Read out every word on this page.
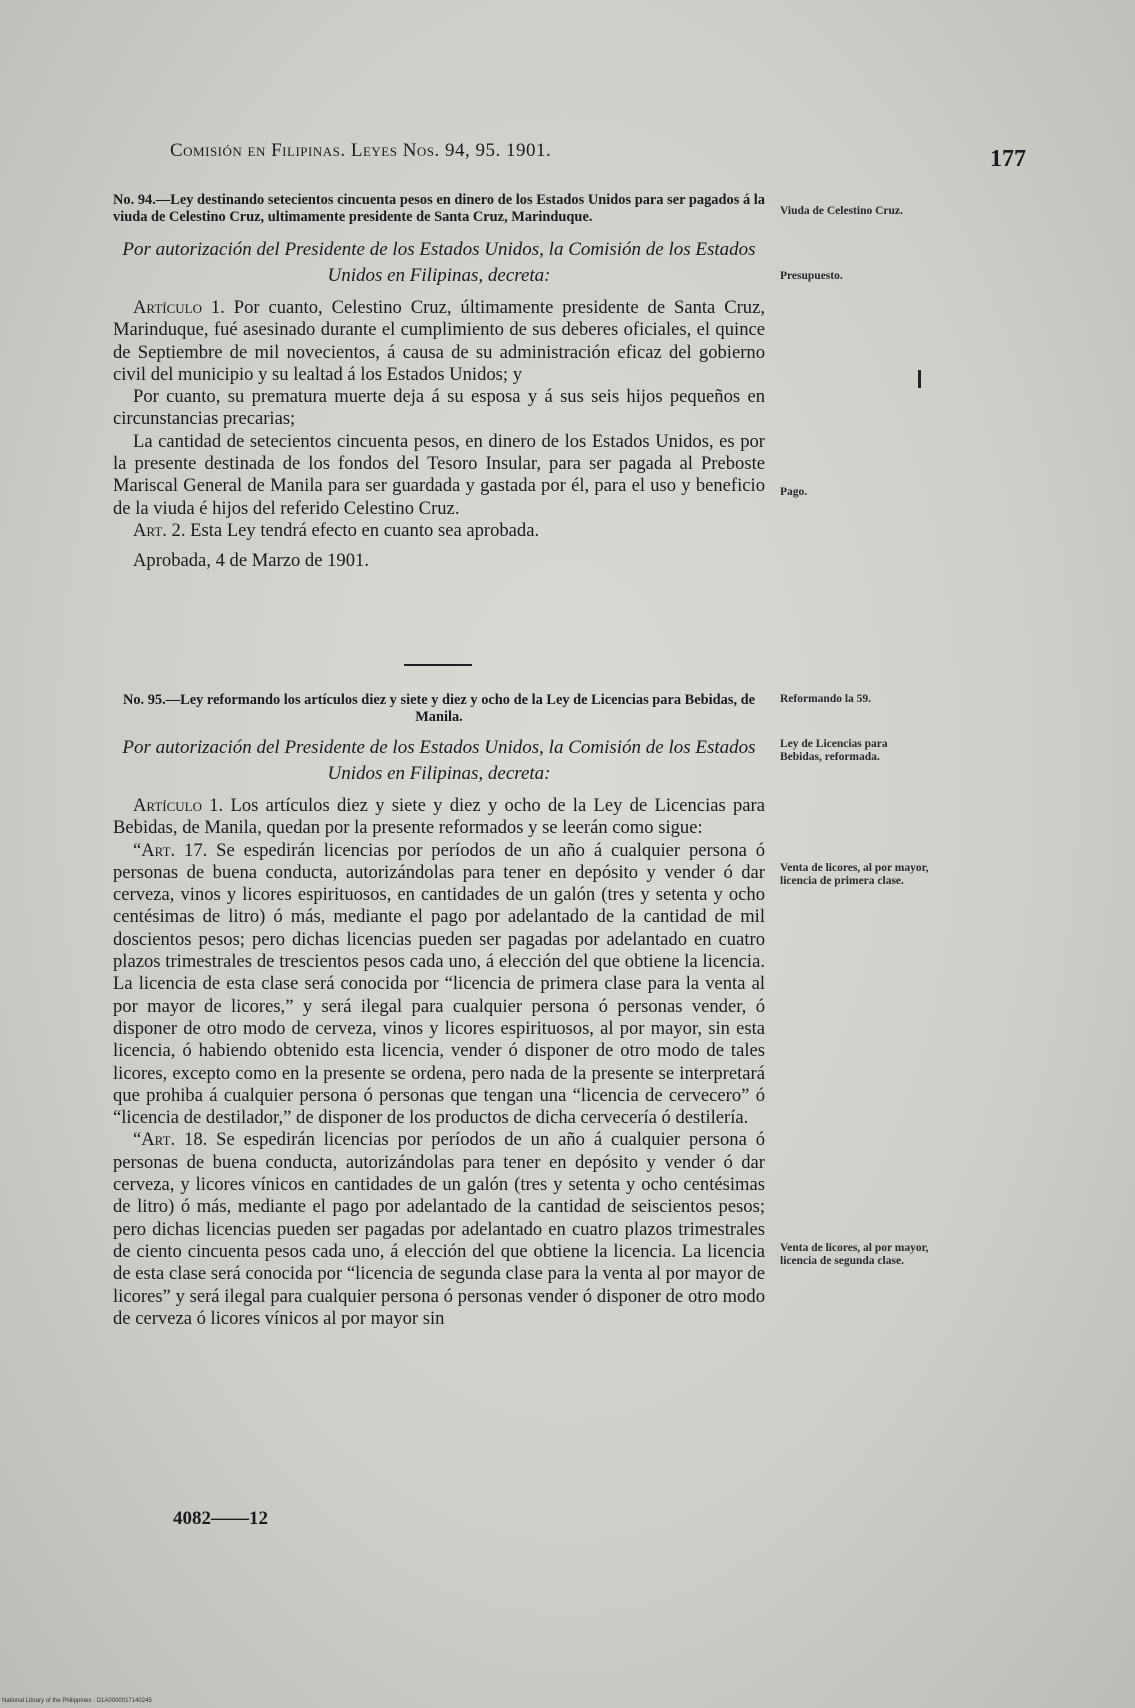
Comisión en Filipinas. Leyes Nos. 94, 95. 1901.	177
No. 94.—Ley destinando setecientos cincuenta pesos en dinero de los Estados Unidos para ser pagados á la viuda de Celestino Cruz, ultimamente presidente de Santa Cruz, Marinduque.
Por autorización del Presidente de los Estados Unidos, la Comisión de los Estados Unidos en Filipinas, decreta:

Artículo 1. Por cuanto, Celestino Cruz, últimamente presidente de Santa Cruz, Marinduque, fué asesinado durante el cumplimiento de sus deberes oficiales, el quince de Septiembre de mil novecientos, á causa de su administración eficaz del gobierno civil del municipio y su lealtad á los Estados Unidos; y

Por cuanto, su prematura muerte deja á su esposa y á sus seis hijos pequeños en circunstancias precarias;

La cantidad de setecientos cincuenta pesos, en dinero de los Estados Unidos, es por la presente destinada de los fondos del Tesoro Insular, para ser pagada al Preboste Mariscal General de Manila para ser guardada y gastada por él, para el uso y beneficio de la viuda é hijos del referido Celestino Cruz.

Art. 2. Esta Ley tendrá efecto en cuanto sea aprobada.

Aprobada, 4 de Marzo de 1901.

No. 95.—Ley reformando los artículos diez y siete y diez y ocho de la Ley de Licencias para Bebidas, de Manila.
Por autorización del Presidente de los Estados Unidos, la Comisión de los Estados Unidos en Filipinas, decreta:

Artículo 1. Los artículos diez y siete y diez y ocho de la Ley de Licencias para Bebidas, de Manila, quedan por la presente reformados y se leerán como sigue:

“Art. 17. Se espedirán licencias por períodos de un año á cualquier persona ó personas de buena conducta, autorizándolas para tener en depósito y vender ó dar cerveza, vinos y licores espirituosos, en cantidades de un galón (tres y setenta y ocho centésimas de litro) ó más, mediante el pago por adelantado de la cantidad de mil doscientos pesos; pero dichas licencias pueden ser pagadas por adelantado en cuatro plazos trimestrales de trescientos pesos cada uno, á elección del que obtiene la licencia. La licencia de esta clase será conocida por “licencia de primera clase para la venta al por mayor de licores,” y será ilegal para cualquier persona ó personas vender, ó disponer de otro modo de cerveza, vinos y licores espirituosos, al por mayor, sin esta licencia, ó habiendo obtenido esta licencia, vender ó disponer de otro modo de tales licores, excepto como en la presente se ordena, pero nada de la presente se interpretará que prohiba á cualquier persona ó personas que tengan una “licencia de cervecero” ó “licencia de destilador,” de disponer de los productos de dicha cervecería ó destilería.

“Art. 18. Se espedirán licencias por períodos de un año á cualquier persona ó personas de buena conducta, autorizándolas para tener en depósito y vender ó dar cerveza, y licores vínicos en cantidades de un galón (tres y setenta y ocho centésimas de litro) ó más, mediante el pago por adelantado de la cantidad de seiscientos pesos; pero dichas licencias pueden ser pagadas por adelantado en cuatro plazos trimestrales de ciento cincuenta pesos cada uno, á elección del que obtiene la licencia. La licencia de esta clase será conocida por “licencia de segunda clase para la venta al por mayor de licores” y será ilegal para cualquier persona ó personas vender ó disponer de otro modo de cerveza ó licores vínicos al por mayor sin

Viuda de Celestino Cruz.
Presupuesto.
Pago.
Reformando la 59.
Ley de Licencias para Bebidas, reformada.
Venta de licores, al por mayor, licencia de primera clase.
Venta de licores, al por mayor, licencia de segunda clase.
4082——12
National Library of the Philippines · D1A0000017140245
